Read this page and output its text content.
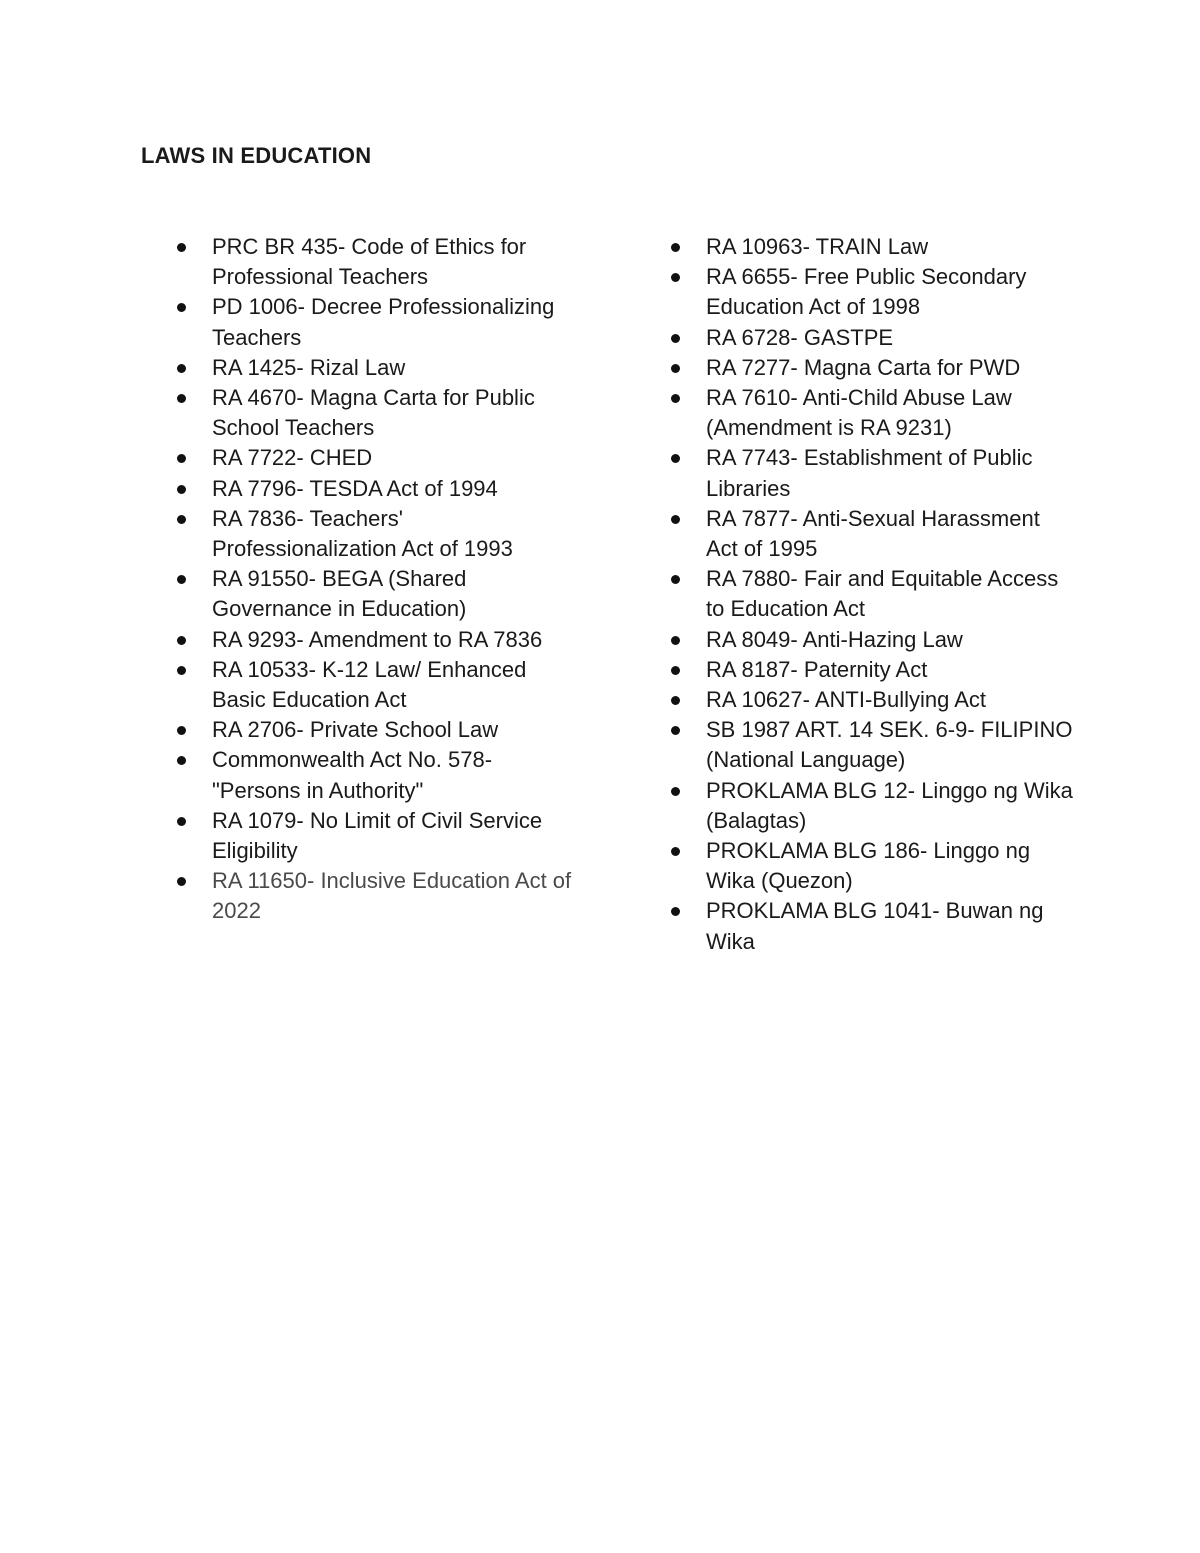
LAWS IN EDUCATION
PRC BR 435- Code of Ethics for Professional Teachers
PD 1006- Decree Professionalizing Teachers
RA 1425- Rizal Law
RA 4670- Magna Carta for Public School Teachers
RA 7722- CHED
RA 7796- TESDA Act of 1994
RA 7836- Teachers' Professionalization Act of 1993
RA 91550- BEGA (Shared Governance in Education)
RA 9293- Amendment to RA 7836
RA 10533- K-12 Law/ Enhanced Basic Education Act
RA 2706- Private School Law
Commonwealth Act No. 578- "Persons in Authority"
RA 1079- No Limit of Civil Service Eligibility
RA 11650- Inclusive Education Act of 2022
RA 10963- TRAIN Law
RA 6655- Free Public Secondary Education Act of 1998
RA 6728- GASTPE
RA 7277- Magna Carta for PWD
RA 7610- Anti-Child Abuse Law (Amendment is RA 9231)
RA 7743- Establishment of Public Libraries
RA 7877- Anti-Sexual Harassment Act of 1995
RA 7880- Fair and Equitable Access to Education Act
RA 8049- Anti-Hazing Law
RA 8187- Paternity Act
RA 10627- ANTI-Bullying Act
SB 1987 ART. 14 SEK. 6-9- FILIPINO (National Language)
PROKLAMA BLG 12- Linggo ng Wika (Balagtas)
PROKLAMA BLG 186- Linggo ng Wika (Quezon)
PROKLAMA BLG 1041- Buwan ng Wika
